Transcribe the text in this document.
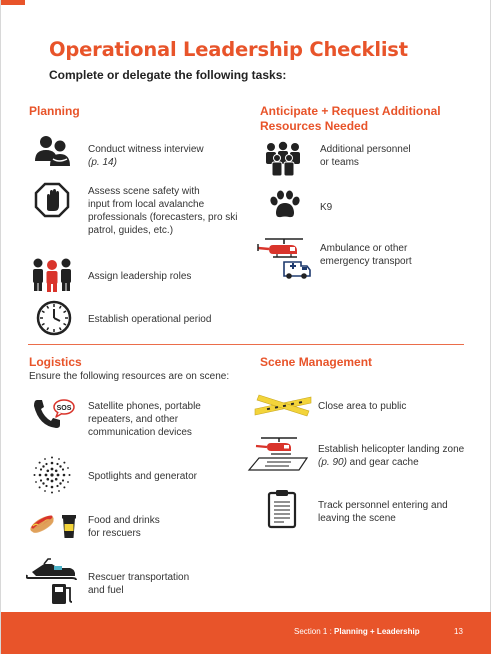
Operational Leadership Checklist
Complete or delegate the following tasks:
Planning
Conduct witness interview
(p. 14)
Assess scene safety with
input from local avalanche
professionals (forecasters, pro ski
patrol, guides, etc.)
Assign leadership roles
Establish operational period
Anticipate + Request Additional
Resources Needed
Additional personnel
or teams
K9
Ambulance or other
emergency transport
Logistics
Ensure the following resources are on scene:
SOS Satellite phones, portable
repeaters, and other
communication devices
Spotlights and generator
Food and drinks
for rescuers
Rescuer transportation
and fuel
Scene Management
Close area to public
Establish helicopter landing zone
(p. 90) and gear cache
Track personnel entering and
leaving the scene
Section 1 : Planning + Leadership	13
